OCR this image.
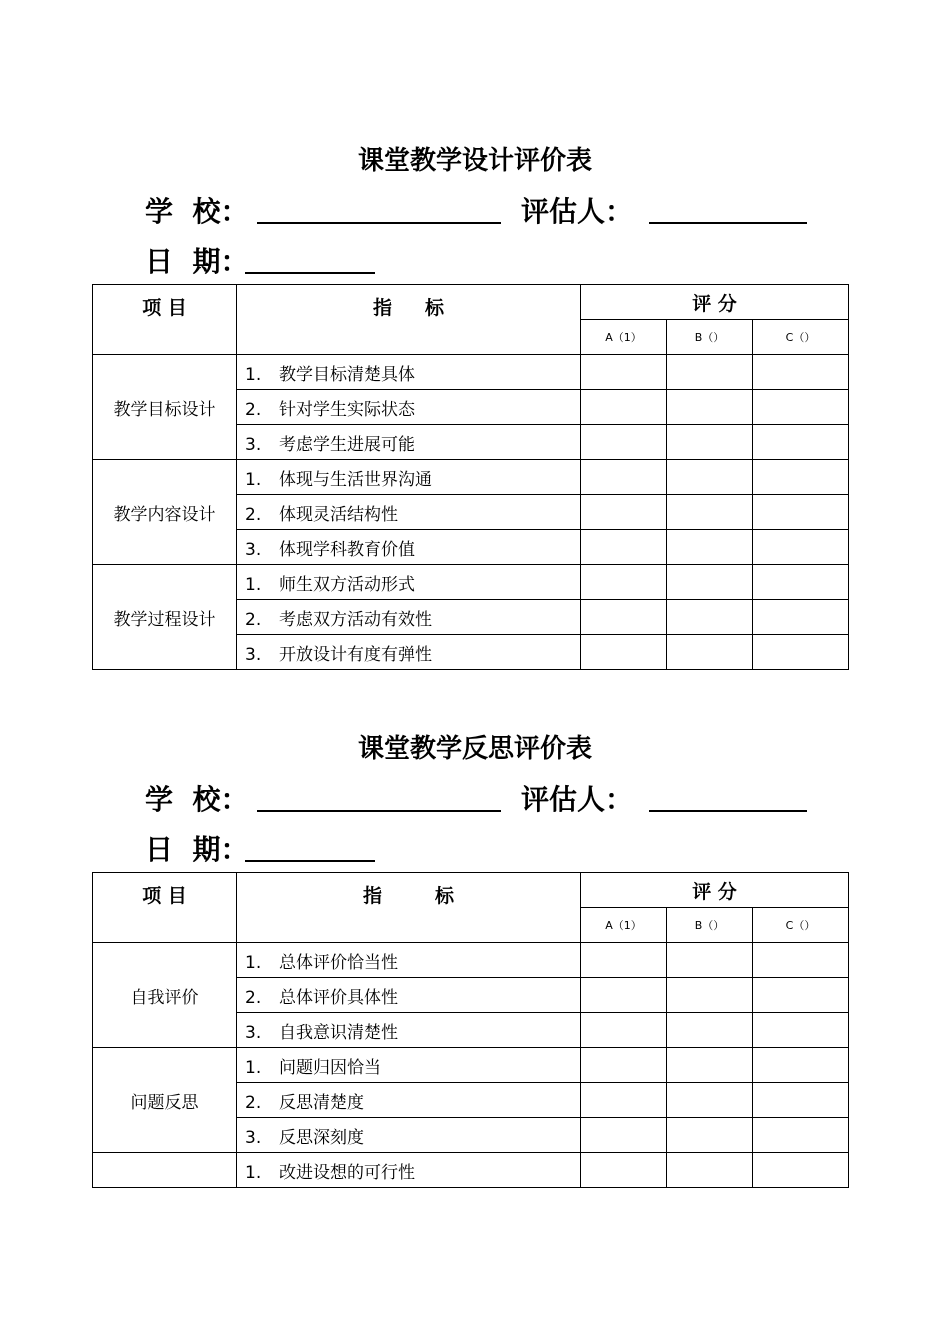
课堂教学设计评价表
学  校：	评估人：
日  期：
项 目	指     标	评 分		
		A（1）	B（）	C（）
教学目标设计	1. 教学目标清楚具体			
	2. 针对学生实际状态			
	3. 考虑学生进展可能			
教学内容设计	1. 体现与生活世界沟通			
	2. 体现灵活结构性			
	3. 体现学科教育价值			
教学过程设计	1. 师生双方活动形式			
	2. 考虑双方活动有效性			
	3. 开放设计有度有弹性			
课堂教学反思评价表
学  校：	评估人：
日  期：
项 目	指        标	评 分		
		A（1）	B（）	C（）
自我评价	1. 总体评价恰当性			
	2. 总体评价具体性			
	3. 自我意识清楚性			
问题反思	1. 问题归因恰当			
	2. 反思清楚度			
	3. 反思深刻度			
	1. 改进设想的可行性			
